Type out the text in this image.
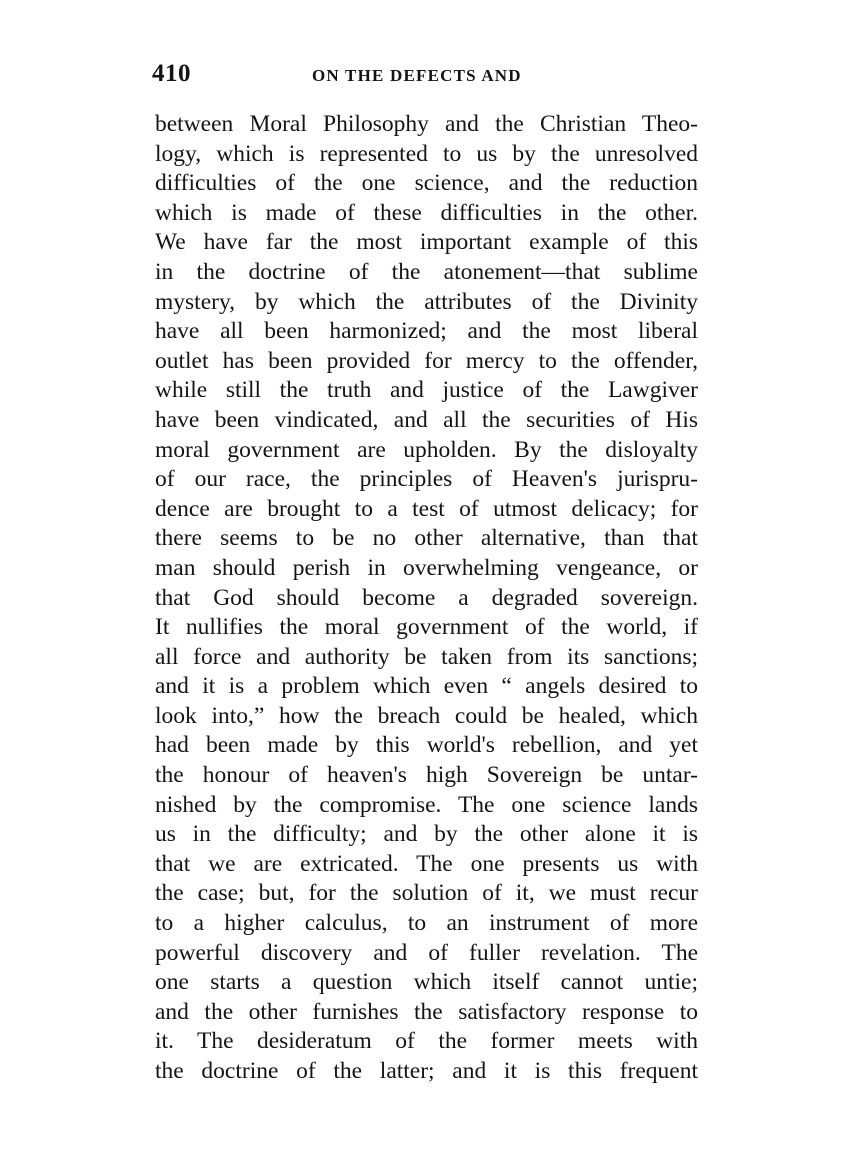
410	ON THE DEFECTS AND
between Moral Philosophy and the Christian Theo-
logy, which is represented to us by the unresolved
difficulties of the one science, and the reduction
which is made of these difficulties in the other.
We have far the most important example of this
in the doctrine of the atonement—that sublime
mystery, by which the attributes of the Divinity
have all been harmonized; and the most liberal
outlet has been provided for mercy to the offender,
while still the truth and justice of the Lawgiver
have been vindicated, and all the securities of His
moral government are upholden. By the disloyalty
of our race, the principles of Heaven's jurispru-
dence are brought to a test of utmost delicacy; for
there seems to be no other alternative, than that
man should perish in overwhelming vengeance, or
that God should become a degraded sovereign.
It nullifies the moral government of the world, if
all force and authority be taken from its sanctions;
and it is a problem which even “ angels desired to
look into,” how the breach could be healed, which
had been made by this world's rebellion, and yet
the honour of heaven's high Sovereign be untar-
nished by the compromise. The one science lands
us in the difficulty; and by the other alone it is
that we are extricated. The one presents us with
the case; but, for the solution of it, we must recur
to a higher calculus, to an instrument of more
powerful discovery and of fuller revelation. The
one starts a question which itself cannot untie;
and the other furnishes the satisfactory response to
it. The desideratum of the former meets with
the doctrine of the latter; and it is this frequent
